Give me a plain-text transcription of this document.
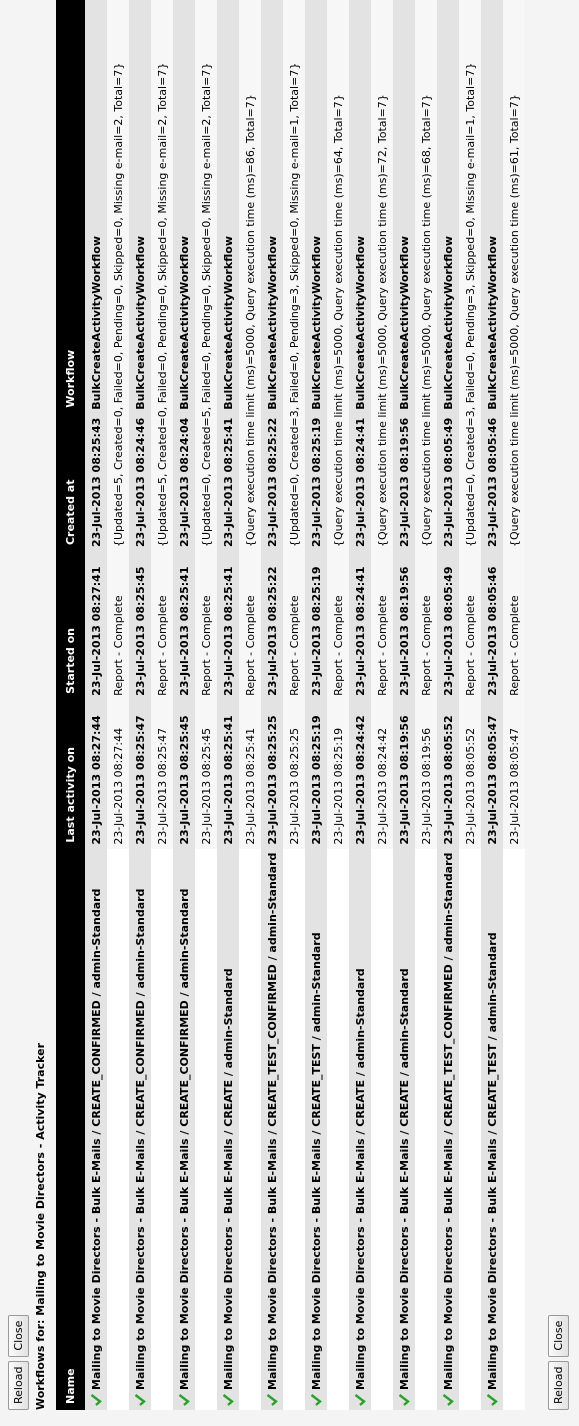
Reload
Close Workflows for: Mailing to Movie Directors - Activity Tracker Name	Last activity on	Started on	Created at	Workflow
Mailing to Movie Directors - Bulk E-Mails / CREATE_CONFIRMED / admin-Standard	23-Jul-2013 08:27:44	23-Jul-2013 08:27:41	23-Jul-2013 08:25:43	BulkCreateActivityWorkflow
	23-Jul-2013 08:27:44	Report - Complete	{Updated=5, Created=0, Failed=0, Pending=0, Skipped=0, Missing e-mail=2, Total=7}	
Mailing to Movie Directors - Bulk E-Mails / CREATE_CONFIRMED / admin-Standard	23-Jul-2013 08:25:47	23-Jul-2013 08:25:45	23-Jul-2013 08:24:46	BulkCreateActivityWorkflow
	23-Jul-2013 08:25:47	Report - Complete	{Updated=5, Created=0, Failed=0, Pending=0, Skipped=0, Missing e-mail=2, Total=7}	
Mailing to Movie Directors - Bulk E-Mails / CREATE_CONFIRMED / admin-Standard	23-Jul-2013 08:25:45	23-Jul-2013 08:25:41	23-Jul-2013 08:24:04	BulkCreateActivityWorkflow
	23-Jul-2013 08:25:45	Report - Complete	{Updated=0, Created=5, Failed=0, Pending=0, Skipped=0, Missing e-mail=2, Total=7}	
Mailing to Movie Directors - Bulk E-Mails / CREATE / admin-Standard	23-Jul-2013 08:25:41	23-Jul-2013 08:25:41	23-Jul-2013 08:25:41	BulkCreateActivityWorkflow
	23-Jul-2013 08:25:41	Report - Complete	{Query execution time limit (ms)=5000, Query execution time (ms)=86, Total=7}	
Mailing to Movie Directors - Bulk E-Mails / CREATE_TEST_CONFIRMED / admin-Standard	23-Jul-2013 08:25:25	23-Jul-2013 08:25:22	23-Jul-2013 08:25:22	BulkCreateActivityWorkflow
	23-Jul-2013 08:25:25	Report - Complete	{Updated=0, Created=3, Failed=0, Pending=3, Skipped=0, Missing e-mail=1, Total=7}	
Mailing to Movie Directors - Bulk E-Mails / CREATE_TEST / admin-Standard	23-Jul-2013 08:25:19	23-Jul-2013 08:25:19	23-Jul-2013 08:25:19	BulkCreateActivityWorkflow
	23-Jul-2013 08:25:19	Report - Complete	{Query execution time limit (ms)=5000, Query execution time (ms)=64, Total=7}	
Mailing to Movie Directors - Bulk E-Mails / CREATE / admin-Standard	23-Jul-2013 08:24:42	23-Jul-2013 08:24:41	23-Jul-2013 08:24:41	BulkCreateActivityWorkflow
	23-Jul-2013 08:24:42	Report - Complete	{Query execution time limit (ms)=5000, Query execution time (ms)=72, Total=7}	
Mailing to Movie Directors - Bulk E-Mails / CREATE / admin-Standard	23-Jul-2013 08:19:56	23-Jul-2013 08:19:56	23-Jul-2013 08:19:56	BulkCreateActivityWorkflow
	23-Jul-2013 08:19:56	Report - Complete	{Query execution time limit (ms)=5000, Query execution time (ms)=68, Total=7}	
Mailing to Movie Directors - Bulk E-Mails / CREATE_TEST_CONFIRMED / admin-Standard	23-Jul-2013 08:05:52	23-Jul-2013 08:05:49	23-Jul-2013 08:05:49	BulkCreateActivityWorkflow
	23-Jul-2013 08:05:52	Report - Complete	{Updated=0, Created=3, Failed=0, Pending=3, Skipped=0, Missing e-mail=1, Total=7}	
Mailing to Movie Directors - Bulk E-Mails / CREATE_TEST / admin-Standard	23-Jul-2013 08:05:47	23-Jul-2013 08:05:46	23-Jul-2013 08:05:46	BulkCreateActivityWorkflow
	23-Jul-2013 08:05:47	Report - Complete	{Query execution time limit (ms)=5000, Query execution time (ms)=61, Total=7}	
Reload
Close
